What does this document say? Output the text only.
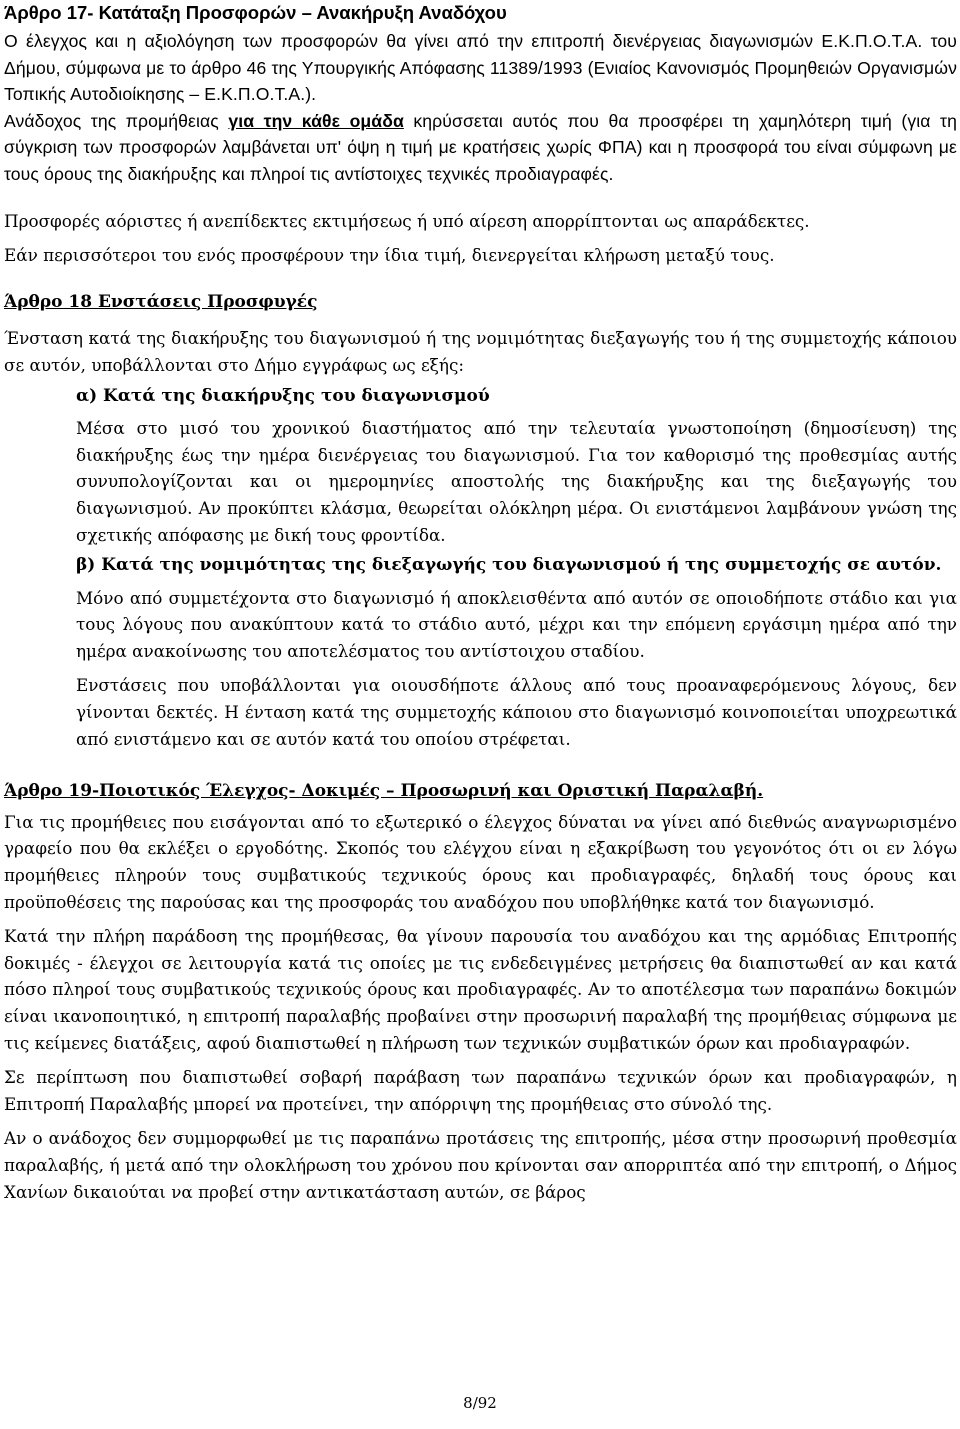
Άρθρο 17- Κατάταξη Προσφορών – Ανακήρυξη Αναδόχου

Ο έλεγχος και η αξιολόγηση των προσφορών θα γίνει από την επιτροπή διενέργειας διαγωνισμών Ε.Κ.Π.Ο.Τ.Α. του Δήμου, σύμφωνα με το άρθρο 46 της Υπουργικής Απόφασης 11389/1993 (Ενιαίος Κανονισμός Προμηθειών Οργανισμών Τοπικής Αυτοδιοίκησης – Ε.Κ.Π.Ο.Τ.Α.).

Ανάδοχος της προμήθειας για την κάθε ομάδα κηρύσσεται αυτός που θα προσφέρει τη χαμηλότερη τιμή (για τη σύγκριση των προσφορών λαμβάνεται υπ' όψη η τιμή με κρατήσεις χωρίς ΦΠΑ) και η προσφορά του είναι σύμφωνη με τους όρους της διακήρυξης και πληροί τις αντίστοιχες τεχνικές προδιαγραφές.

Προσφορές αόριστες ή ανεπίδεκτες εκτιμήσεως ή υπό αίρεση απορρίπτονται ως απαράδεκτες.

Εάν περισσότεροι του ενός προσφέρουν την ίδια τιμή, διενεργείται κλήρωση μεταξύ τους.

Άρθρο 18 Ενστάσεις Προσφυγές

Ένσταση κατά της διακήρυξης του διαγωνισμού ή της νομιμότητας διεξαγωγής του ή της συμμετοχής κάποιου σε αυτόν, υποβάλλονται στο Δήμο εγγράφως ως εξής:

α) Κατά της διακήρυξης του διαγωνισμού

Μέσα στο μισό του χρονικού διαστήματος από την τελευταία γνωστοποίηση (δημοσίευση) της διακήρυξης έως την ημέρα διενέργειας του διαγωνισμού. Για τον καθορισμό της προθεσμίας αυτής συνυπολογίζονται και οι ημερομηνίες αποστολής της διακήρυξης και της διεξαγωγής του διαγωνισμού. Αν προκύπτει κλάσμα, θεωρείται ολόκληρη μέρα. Οι ενιστάμενοι λαμβάνουν γνώση της σχετικής απόφασης με δική τους φροντίδα.

β) Κατά της νομιμότητας της διεξαγωγής του διαγωνισμού ή της συμμετοχής σε αυτόν.

Μόνο από συμμετέχοντα στο διαγωνισμό ή αποκλεισθέντα από αυτόν σε οποιοδήποτε στάδιο και για τους λόγους που ανακύπτουν κατά το στάδιο αυτό, μέχρι και την επόμενη εργάσιμη ημέρα από την ημέρα ανακοίνωσης του αποτελέσματος του αντίστοιχου σταδίου.

Ενστάσεις που υποβάλλονται για οιουσδήποτε άλλους από τους προαναφερόμενους λόγους, δεν γίνονται δεκτές. Η ένταση κατά της συμμετοχής κάποιου στο διαγωνισμό κοινοποιείται υποχρεωτικά από ενιστάμενο και σε αυτόν κατά του οποίου στρέφεται.

Άρθρο 19-Ποιοτικός Έλεγχος- Δοκιμές – Προσωρινή και Οριστική Παραλαβή.

Για τις προμήθειες που εισάγονται από το εξωτερικό ο έλεγχος δύναται να γίνει από διεθνώς αναγνωρισμένο γραφείο που θα εκλέξει ο εργοδότης. Σκοπός του ελέγχου είναι η εξακρίβωση του γεγονότος ότι οι εν λόγω προμήθειες πληρούν τους συμβατικούς τεχνικούς όρους και προδιαγραφές, δηλαδή τους όρους και προϋποθέσεις της παρούσας και της προσφοράς του αναδόχου που υποβλήθηκε κατά τον διαγωνισμό.

Κατά την πλήρη παράδοση της προμήθεσας, θα γίνουν παρουσία του αναδόχου και της αρμόδιας Επιτροπής δοκιμές - έλεγχοι σε λειτουργία κατά τις οποίες με τις ενδεδειγμένες μετρήσεις θα διαπιστωθεί αν και κατά πόσο πληροί τους συμβατικούς τεχνικούς όρους και προδιαγραφές. Αν το αποτέλεσμα των παραπάνω δοκιμών είναι ικανοποιητικό, η επιτροπή παραλαβής προβαίνει στην προσωρινή παραλαβή της προμήθειας σύμφωνα με τις κείμενες διατάξεις, αφού διαπιστωθεί η πλήρωση των τεχνικών συμβατικών όρων και προδιαγραφών.

Σε περίπτωση που διαπιστωθεί σοβαρή παράβαση των παραπάνω τεχνικών όρων και προδιαγραφών, η Επιτροπή Παραλαβής μπορεί να προτείνει, την απόρριψη της προμήθειας στο σύνολό της.

Αν ο ανάδοχος δεν συμμορφωθεί με τις παραπάνω προτάσεις της επιτροπής, μέσα στην προσωρινή προθεσμία παραλαβής, ή μετά από την ολοκλήρωση του χρόνου που κρίνονται σαν απορριπτέα από την επιτροπή, ο Δήμος Χανίων δικαιούται να προβεί στην αντικατάσταση αυτών, σε βάρος

8/92
